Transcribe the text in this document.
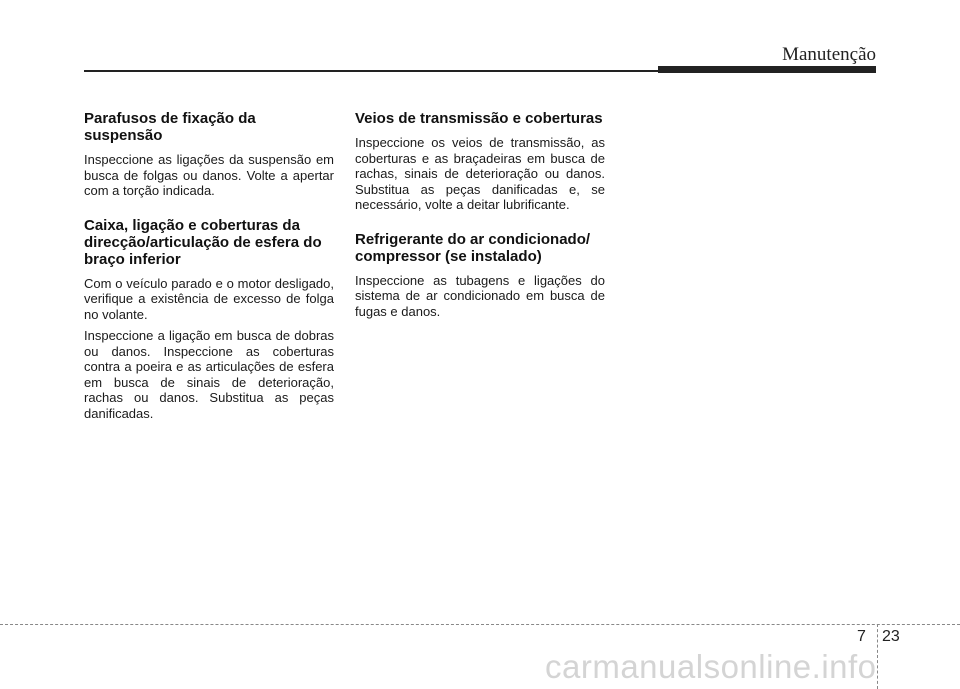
Manutenção
Parafusos de fixação da suspensão

Inspeccione as ligações da suspensão em busca de folgas ou danos. Volte a apertar com a torção indicada.

Caixa, ligação e coberturas da direcção/articulação de esfera do braço inferior

Com o veículo parado e o motor desligado, verifique a existência de excesso de folga no volante.

Inspeccione a ligação em busca de dobras ou danos. Inspeccione as coberturas contra a poeira e as articulações de esfera em busca de sinais de deterioração, rachas ou danos. Substitua as peças danificadas.

Veios de transmissão e coberturas

Inspeccione os veios de transmissão, as coberturas e as braçadeiras em busca de rachas, sinais de deterioração ou danos. Substitua as peças danificadas e, se necessário, volte a deitar lubrificante.

Refrigerante do ar condicionado/ compressor (se instalado)

Inspeccione as tubagens e ligações do sistema de ar condicionado em busca de fugas e danos.

7 23
carmanualsonline.info
